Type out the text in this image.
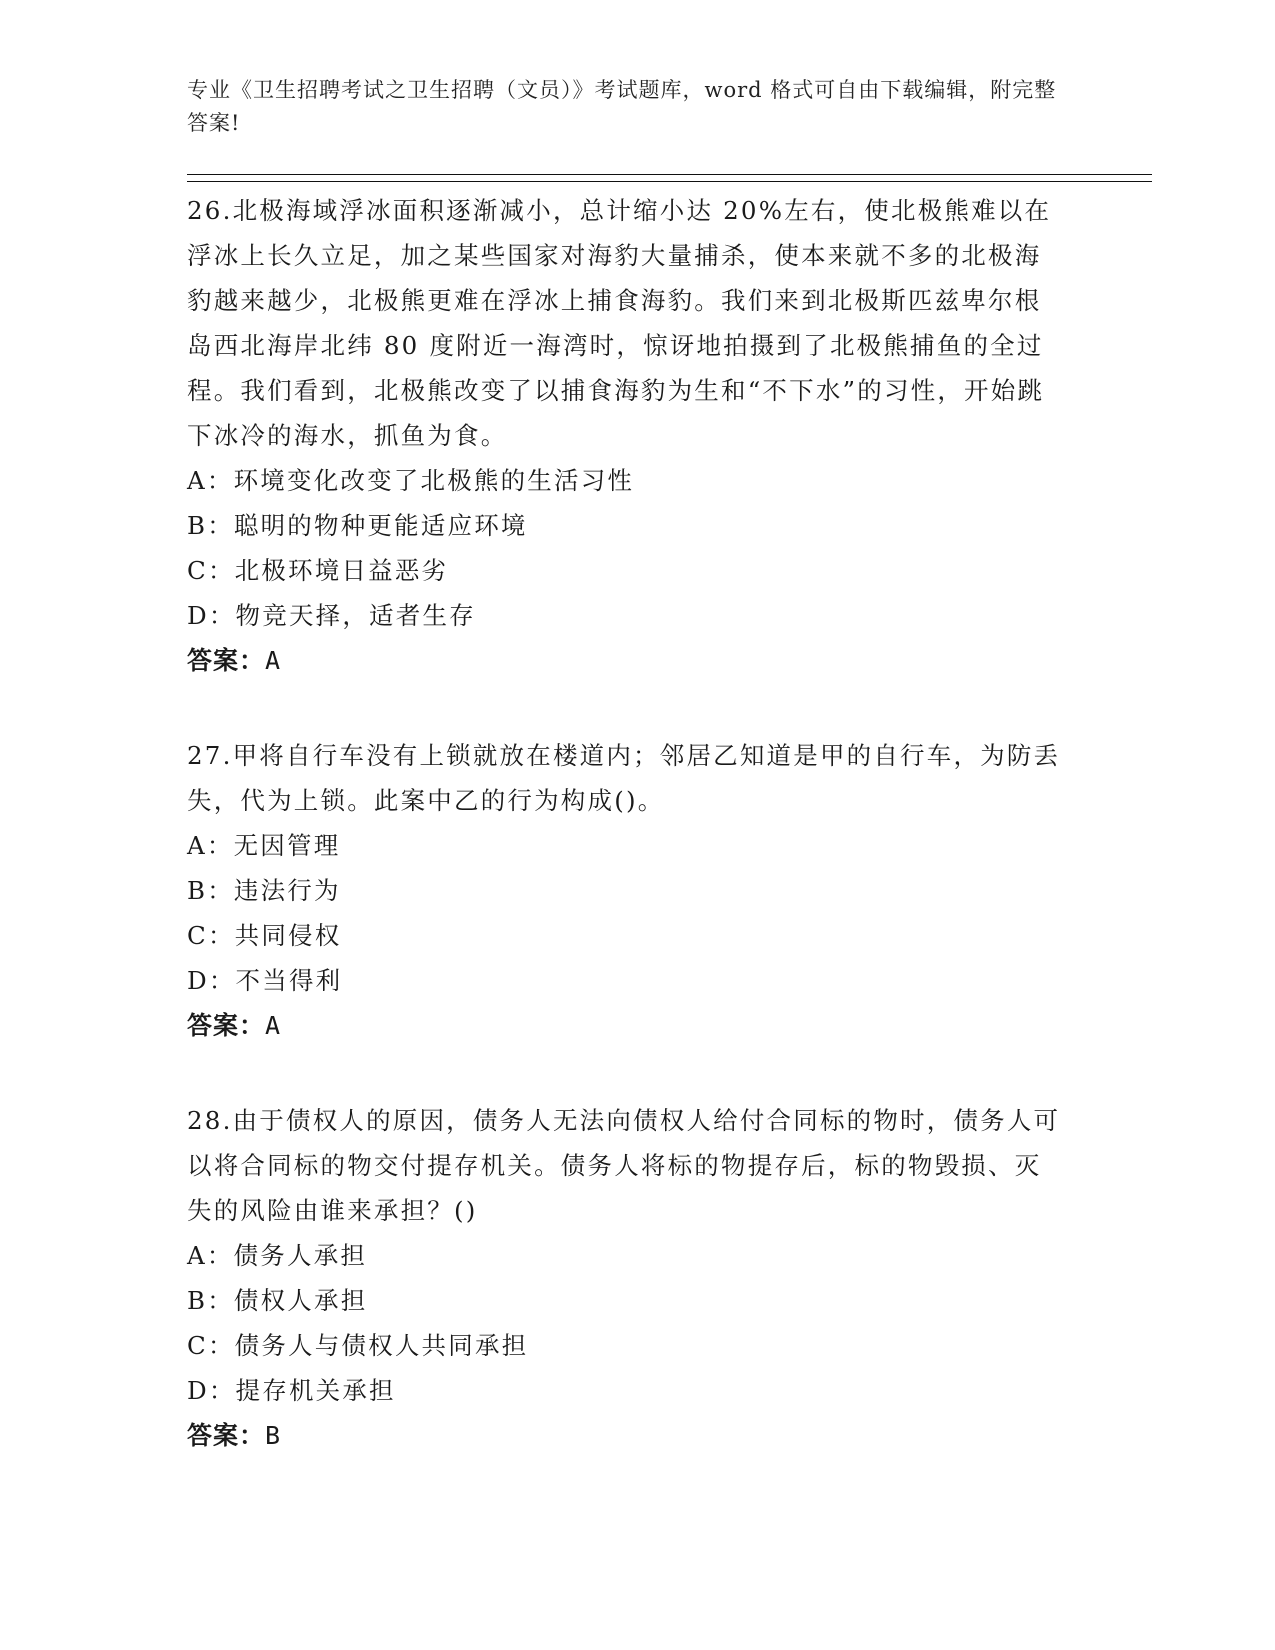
专业《卫生招聘考试之卫生招聘（文员）》考试题库，word 格式可自由下载编辑，附完整答案!

26.北极海域浮冰面积逐渐减小，总计缩小达 20%左右，使北极熊难以在浮冰上长久立足，加之某些国家对海豹大量捕杀，使本来就不多的北极海豹越来越少，北极熊更难在浮冰上捕食海豹。我们来到北极斯匹兹卑尔根岛西北海岸北纬 80 度附近一海湾时，惊讶地拍摄到了北极熊捕鱼的全过程。我们看到，北极熊改变了以捕食海豹为生和“不下水”的习性，开始跳下冰冷的海水，抓鱼为食。

A：环境变化改变了北极熊的生活习性

B：聪明的物种更能适应环境

C：北极环境日益恶劣

D：物竞天择，适者生存

答案：A

27.甲将自行车没有上锁就放在楼道内；邻居乙知道是甲的自行车，为防丢失，代为上锁。此案中乙的行为构成()。

A：无因管理

B：违法行为

C：共同侵权

D：不当得利

答案：A

28.由于债权人的原因，债务人无法向债权人给付合同标的物时，债务人可以将合同标的物交付提存机关。债务人将标的物提存后，标的物毁损、灭失的风险由谁来承担？()

A：债务人承担

B：债权人承担

C：债务人与债权人共同承担

D：提存机关承担

答案：B
